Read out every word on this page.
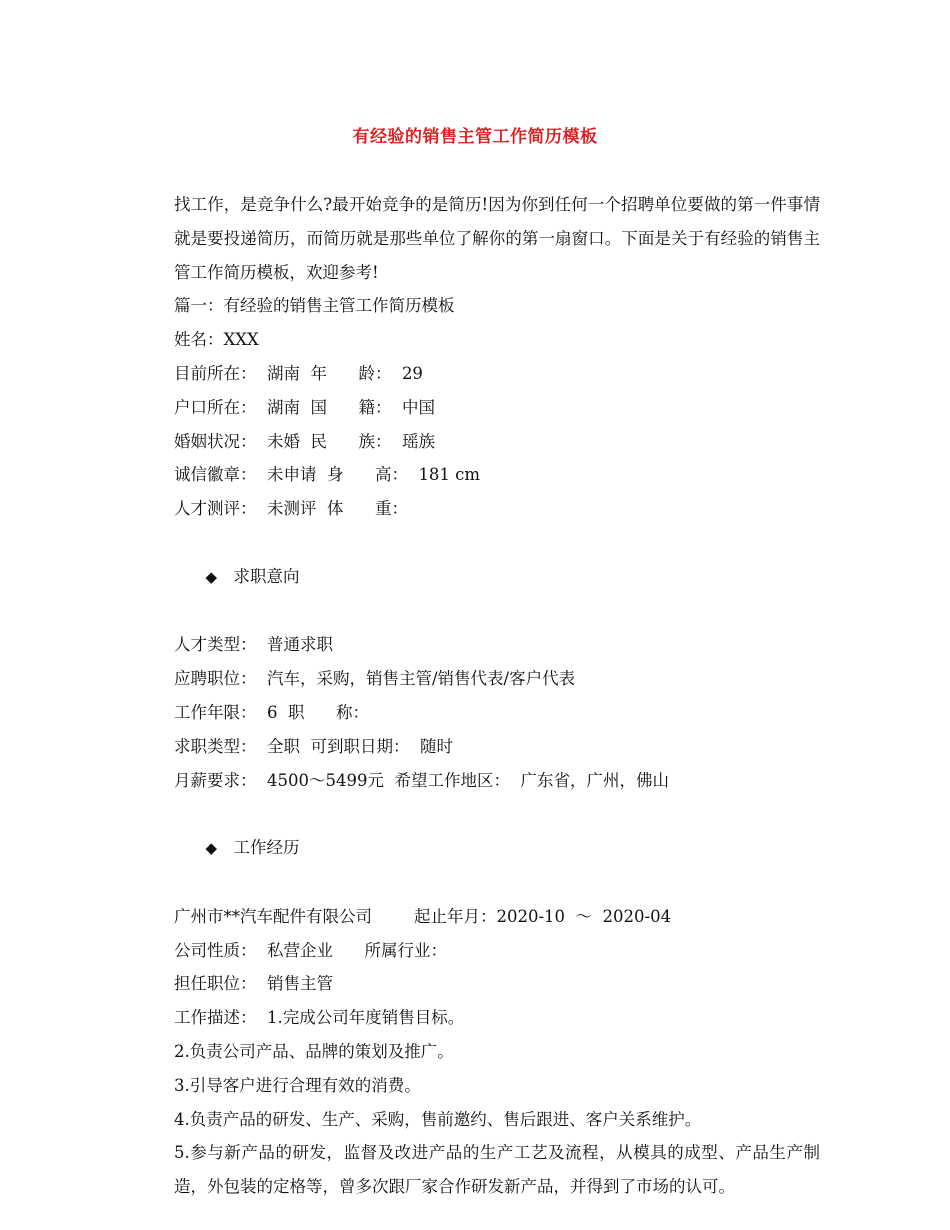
有经验的销售主管工作简历模板

找工作，是竞争什么?最开始竞争的是简历!因为你到任何一个招聘单位要做的第一件事情就是要投递简历，而简历就是那些单位了解你的第一扇窗口。下面是关于有经验的销售主管工作简历模板，欢迎参考!

篇一：有经验的销售主管工作简历模板
姓名：XXX
目前所在：  湖南  年      龄：  29
户口所在：  湖南  国      籍：  中国
婚姻状况：  未婚  民      族：  瑶族
诚信徽章：  未申请  身      高：  181 cm
人才测评：  未测评  体      重：

◆ 求职意向

人才类型：  普通求职
应聘职位：  汽车，采购，销售主管/销售代表/客户代表
工作年限：  6  职      称：
求职类型：  全职  可到职日期：  随时
月薪要求：  4500～5499元  希望工作地区：  广东省，广州，佛山

◆ 工作经历

广州市**汽车配件有限公司        起止年月：2020-10  ～  2020-04
公司性质：  私营企业      所属行业：
担任职位：  销售主管
工作描述：  1.完成公司年度销售目标。
2.负责公司产品、品牌的策划及推广。
3.引导客户进行合理有效的消费。
4.负责产品的研发、生产、采购，售前邀约、售后跟进、客户关系维护。

5.参与新产品的研发，监督及改进产品的生产工艺及流程，从模具的成型、产品生产制造，外包装的定格等，曾多次跟厂家合作研发新产品，并得到了市场的认可。
